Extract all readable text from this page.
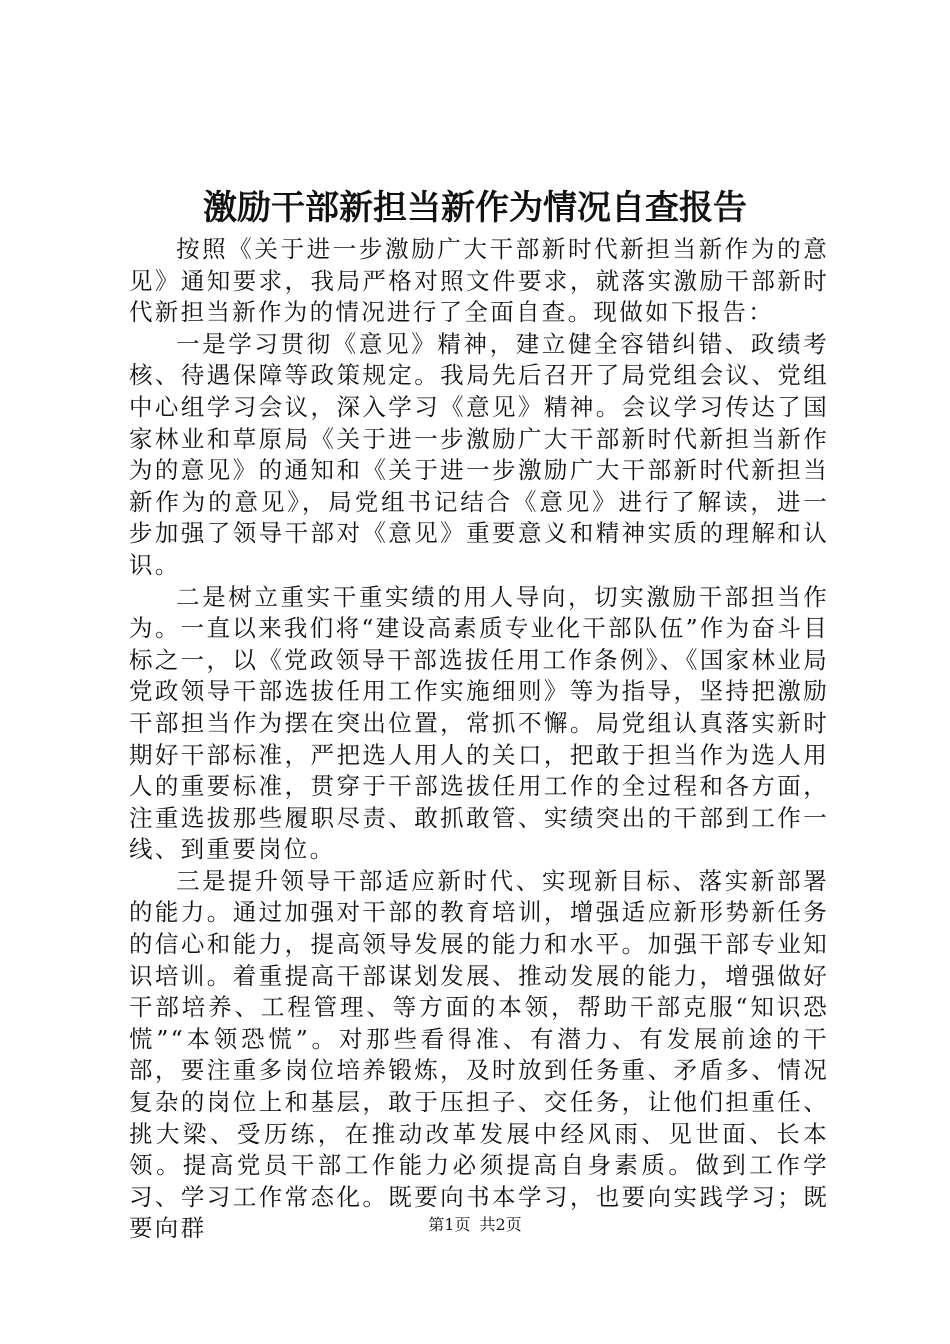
激励干部新担当新作为情况自查报告

按照《关于进一步激励广大干部新时代新担当新作为的意见》通知要求，我局严格对照文件要求，就落实激励干部新时代新担当新作为的情况进行了全面自查。现做如下报告：

一是学习贯彻《意见》精神，建立健全容错纠错、政绩考核、待遇保障等政策规定。我局先后召开了局党组会议、党组中心组学习会议，深入学习《意见》精神。会议学习传达了国家林业和草原局《关于进一步激励广大干部新时代新担当新作为的意见》的通知和《关于进一步激励广大干部新时代新担当新作为的意见》，局党组书记结合《意见》进行了解读，进一步加强了领导干部对《意见》重要意义和精神实质的理解和认识。

二是树立重实干重实绩的用人导向，切实激励干部担当作为。一直以来我们将“建设高素质专业化干部队伍”作为奋斗目标之一，以《党政领导干部选拔任用工作条例》、《国家林业局党政领导干部选拔任用工作实施细则》等为指导，坚持把激励干部担当作为摆在突出位置，常抓不懈。局党组认真落实新时期好干部标准，严把选人用人的关口，把敢于担当作为选人用人的重要标准，贯穿于干部选拔任用工作的全过程和各方面，注重选拔那些履职尽责、敢抓敢管、实绩突出的干部到工作一线、到重要岗位。

三是提升领导干部适应新时代、实现新目标、落实新部署的能力。通过加强对干部的教育培训，增强适应新形势新任务的信心和能力，提高领导发展的能力和水平。加强干部专业知识培训。着重提高干部谋划发展、推动发展的能力，增强做好干部培养、工程管理、等方面的本领，帮助干部克服“知识恐慌”“本领恐慌”。对那些看得准、有潜力、有发展前途的干部，要注重多岗位培养锻炼，及时放到任务重、矛盾多、情况复杂的岗位上和基层，敢于压担子、交任务，让他们担重任、挑大梁、受历练，在推动改革发展中经风雨、见世面、长本领。提高党员干部工作能力必须提高自身素质。做到工作学习、学习工作常态化。既要向书本学习，也要向实践学习；既要向群	第1页 共2页
